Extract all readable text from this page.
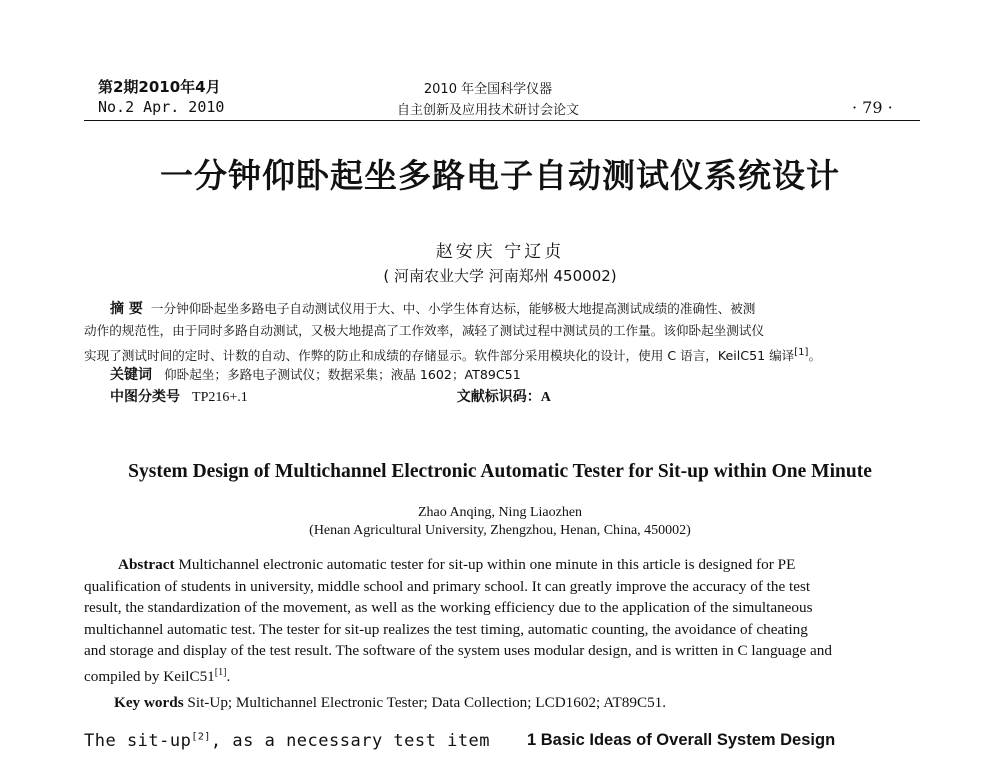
第2期2010年4月
No.2 Apr. 2010
2010 年全国科学仪器
自主创新及应用技术研讨会论文	· 79 ·
一分钟仰卧起坐多路电子自动测试仪系统设计
赵安庆 宁辽贞
( 河南农业大学 河南郑州 450002)
摘 要 一分钟仰卧起坐多路电子自动测试仪用于大、中、小学生体育达标，能够极大地提高测试成绩的准确性、被测
动作的规范性，由于同时多路自动测试，又极大地提高了工作效率，减轻了测试过程中测试员的工作量。该仰卧起坐测试仪
实现了测试时间的定时、计数的自动、作弊的防止和成绩的存储显示。软件部分采用模块化的设计，使用 C 语言，KeilC51 编译[1]。
关键词 仰卧起坐；多路电子测试仪；数据采集；液晶 1602；AT89C51
中图分类号 TP216+.1	文献标识码：A
System Design of Multichannel Electronic Automatic Tester for Sit-up within One Minute
Zhao Anqing, Ning Liaozhen
(Henan Agricultural University, Zhengzhou, Henan, China, 450002)
Abstract Multichannel electronic automatic tester for sit-up within one minute in this article is designed for PE
qualification of students in university, middle school and primary school. It can greatly improve the accuracy of the test
result, the standardization of the movement, as well as the working efficiency due to the application of the simultaneous
multichannel automatic test. The tester for sit-up realizes the test timing, automatic counting, the avoidance of cheating
and storage and display of the test result. The software of the system uses modular design, and is written in C language and
compiled by KeilC51[1].
Key words Sit-Up; Multichannel Electronic Tester; Data Collection; LCD1602; AT89C51.
The sit-up[2], as a necessary test item 1 Basic Ideas of Overall System Design
